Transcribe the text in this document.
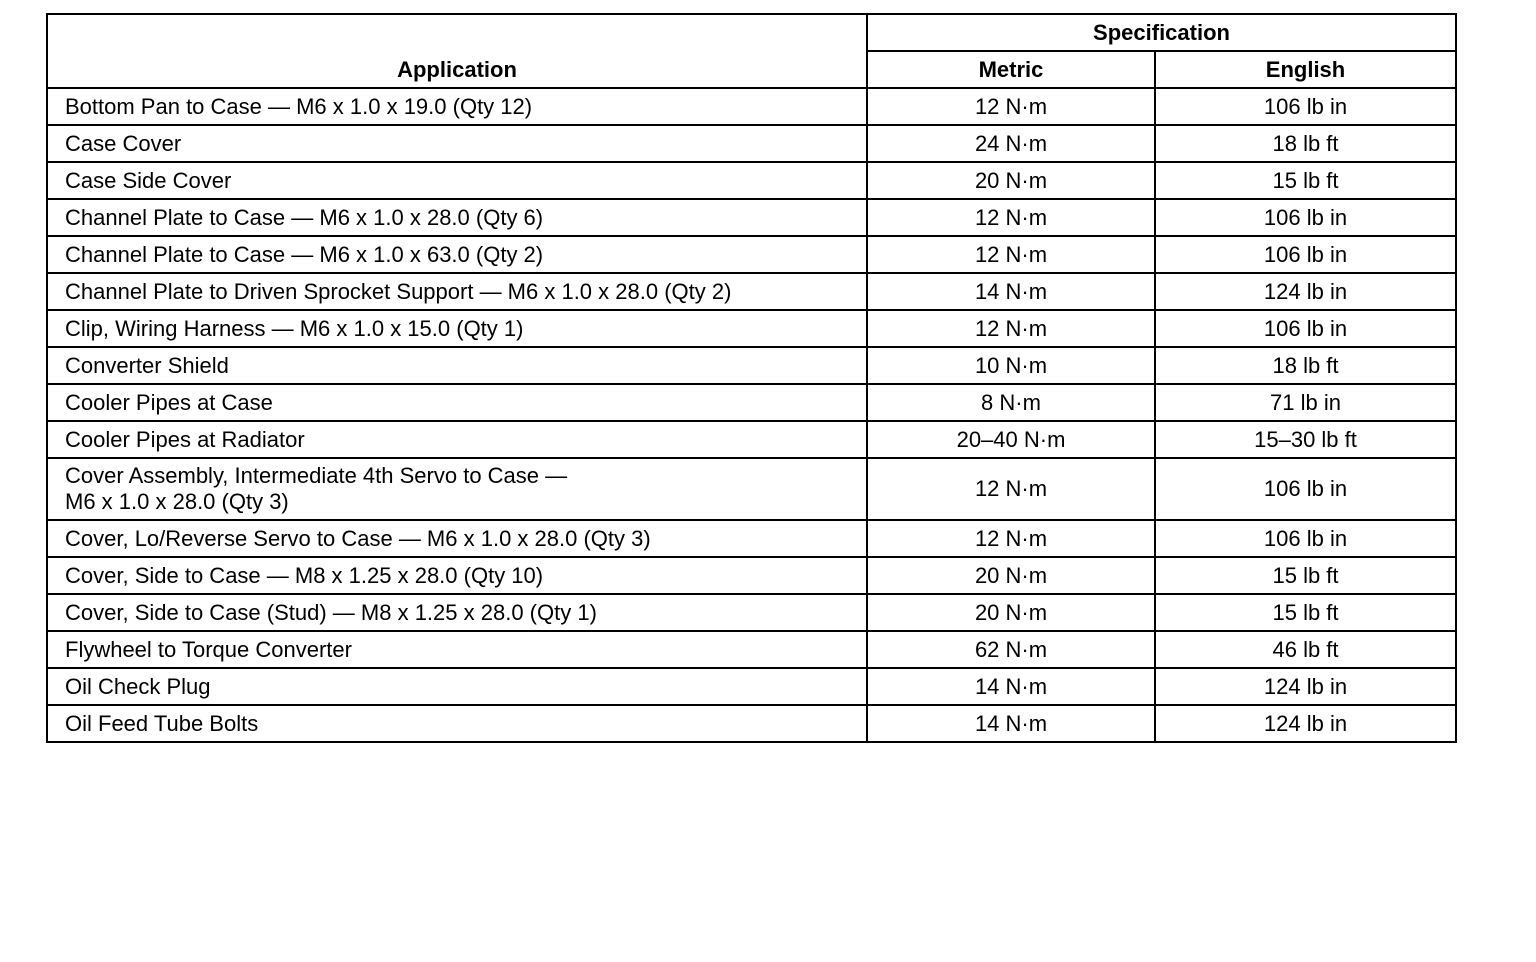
Application	Specification	
	Metric	English
Bottom Pan to Case — M6 x 1.0 x 19.0 (Qty 12)	12 N·m	106 lb in
Case Cover	24 N·m	18 lb ft
Case Side Cover	20 N·m	15 lb ft
Channel Plate to Case — M6 x 1.0 x 28.0 (Qty 6)	12 N·m	106 lb in
Channel Plate to Case — M6 x 1.0 x 63.0 (Qty 2)	12 N·m	106 lb in
Channel Plate to Driven Sprocket Support — M6 x 1.0 x 28.0 (Qty 2)	14 N·m	124 lb in
Clip, Wiring Harness — M6 x 1.0 x 15.0 (Qty 1)	12 N·m	106 lb in
Converter Shield	10 N·m	18 lb ft
Cooler Pipes at Case	8 N·m	71 lb in
Cooler Pipes at Radiator	20–40 N·m	15–30 lb ft

Cover Assembly, Intermediate 4th Servo to Case —
M6 x 1.0 x 28.0 (Qty 3)	12 N·m	106 lb in
Cover, Lo/Reverse Servo to Case — M6 x 1.0 x 28.0 (Qty 3)	12 N·m	106 lb in
Cover, Side to Case — M8 x 1.25 x 28.0 (Qty 10)	20 N·m	15 lb ft
Cover, Side to Case (Stud) — M8 x 1.25 x 28.0 (Qty 1)	20 N·m	15 lb ft
Flywheel to Torque Converter	62 N·m	46 lb ft
Oil Check Plug	14 N·m	124 lb in
Oil Feed Tube Bolts	14 N·m	124 lb in
